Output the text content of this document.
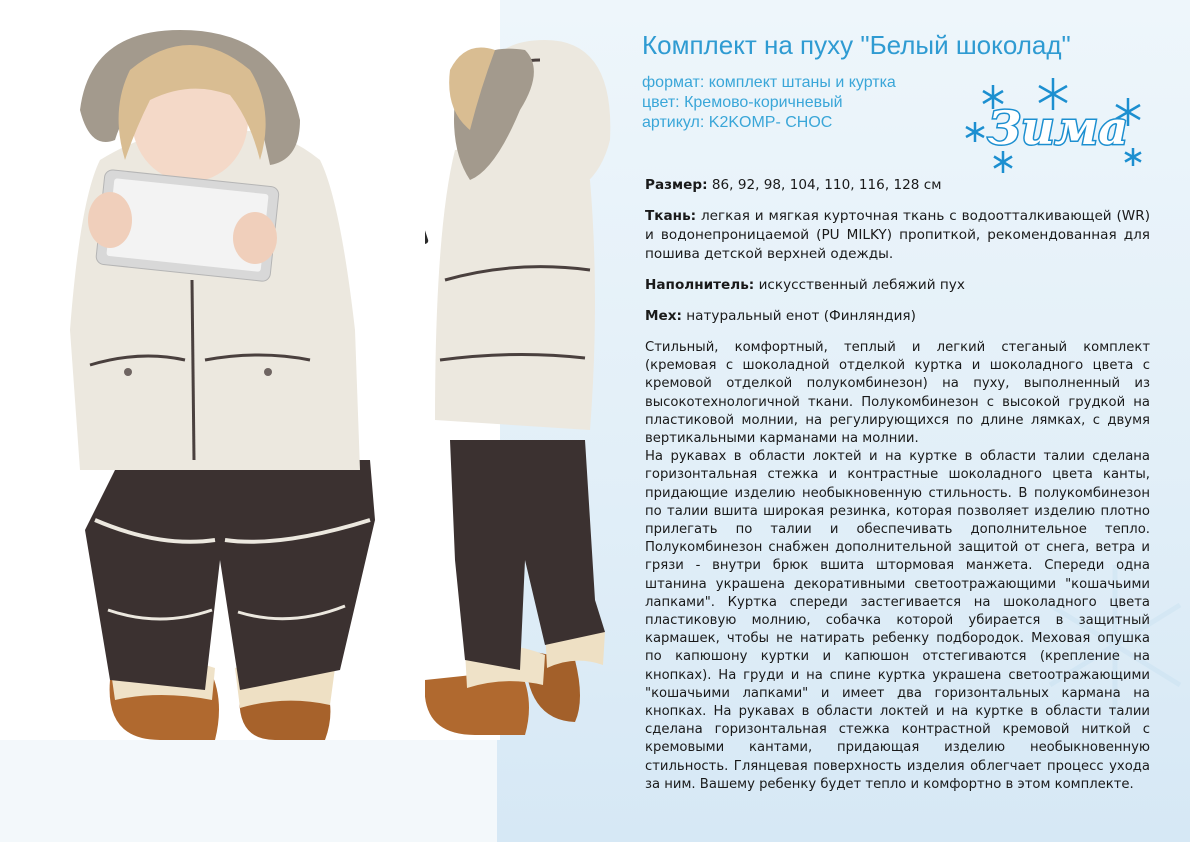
Комплект на пуху "Белый шоколад"
формат: комплект штаны и куртка
цвет: Кремово-коричневый
артикул: K2KOMP- CHOC	Зима

Размер: 86, 92, 98, 104, 110, 116, 128 см

Ткань: легкая и мягкая курточная ткань с водоотталкивающей (WR) и водонепроницаемой (PU MILKY) пропиткой, рекомендованная для пошива детской верхней одежды.

Наполнитель: искусственный лебяжий пух

Мех: натуральный енот (Финляндия)

Стильный, комфортный, теплый и легкий стеганый комплект (кремовая с шоколадной отделкой куртка и шоколадного цвета с кремовой отделкой полукомбинезон) на пуху, выполненный из высокотехнологичной ткани. Полукомбинезон с высокой грудкой на пластиковой молнии, на регулирующихся по длине лямках, с двумя вертикальными карманами на молнии.

На рукавах в области локтей и на куртке в области талии сделана горизонтальная стежка и контрастные шоколадного цвета канты, придающие изделию необыкновенную стильность. В полукомбинезон по талии вшита широкая резинка, которая позволяет изделию плотно прилегать по талии и обеспечивать дополнительное тепло. Полукомбинезон снабжен дополнительной защитой от снега, ветра и грязи - внутри брюк вшита штормовая манжета. Спереди одна штанина украшена декоративными светоотражающими "кошачьими лапками". Куртка спереди застегивается на шоколадного цвета пластиковую молнию, собачка которой убирается в защитный кармашек, чтобы не натирать ребенку подбородок. Меховая опушка по капюшону куртки и капюшон отстегиваются (крепление на кнопках). На груди и на спине куртка украшена светоотражающими "кошачьими лапками" и имеет два горизонтальных кармана на кнопках. На рукавах в области локтей и на куртке в области талии сделана горизонтальная стежка контрастной кремовой ниткой с кремовыми кантами, придающая изделию необыкновенную стильность. Глянцевая поверхность изделия облегчает процесс ухода за ним. Вашему ребенку будет тепло и комфортно в этом комплекте.
